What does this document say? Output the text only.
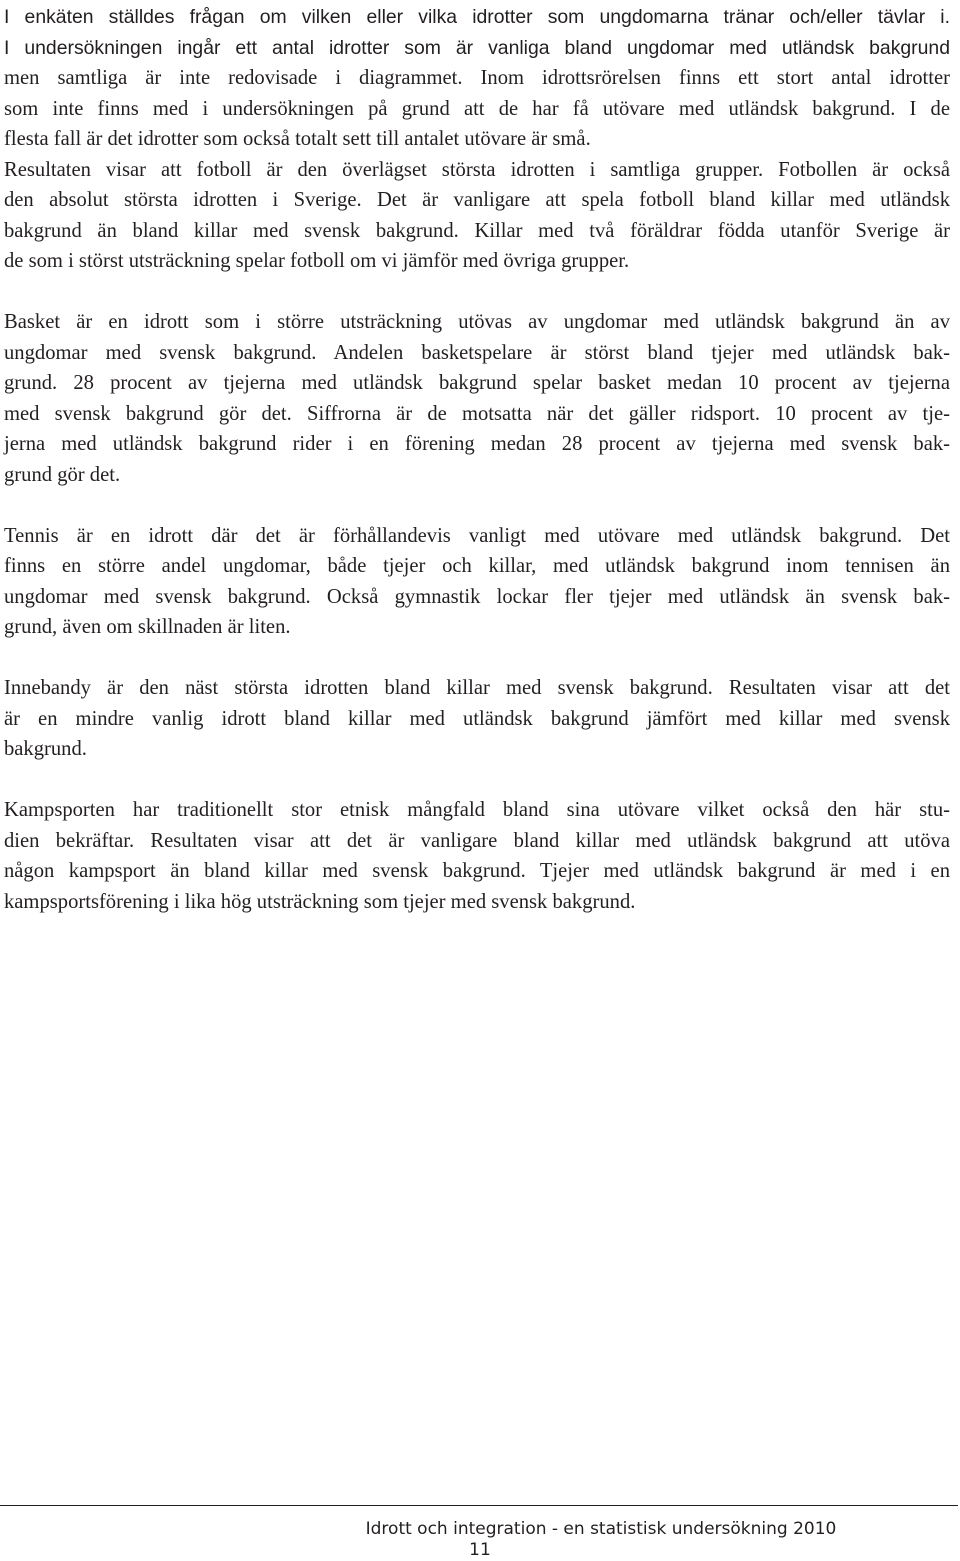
I enkäten ställdes frågan om vilken eller vilka idrotter som ungdomarna tränar och/eller tävlar i.
I undersökningen ingår ett antal idrotter som är vanliga bland ungdomar med utländsk bakgrund
men samtliga är inte redovisade i diagrammet. Inom idrottsrörelsen finns ett stort antal idrotter
som inte finns med i undersökningen på grund att de har få utövare med utländsk bakgrund. I de
flesta fall är det idrotter som också totalt sett till antalet utövare är små.
Resultaten visar att fotboll är den överlägset största idrotten i samtliga grupper. Fotbollen är också
den absolut största idrotten i Sverige. Det är vanligare att spela fotboll bland killar med utländsk
bakgrund än bland killar med svensk bakgrund. Killar med två föräldrar födda utanför Sverige är
de som i störst utsträckning spelar fotboll om vi jämför med övriga grupper.
Basket är en idrott som i större utsträckning utövas av ungdomar med utländsk bakgrund än av
ungdomar med svensk bakgrund. Andelen basketspelare är störst bland tjejer med utländsk bak-
grund. 28 procent av tjejerna med utländsk bakgrund spelar basket medan 10 procent av tjejerna
med svensk bakgrund gör det. Siffrorna är de motsatta när det gäller ridsport. 10 procent av tje-
jerna med utländsk bakgrund rider i en förening medan 28 procent av tjejerna med svensk bak-
grund gör det.
Tennis är en idrott där det är förhållandevis vanligt med utövare med utländsk bakgrund. Det
finns en större andel ungdomar, både tjejer och killar, med utländsk bakgrund inom tennisen än
ungdomar med svensk bakgrund. Också gymnastik lockar fler tjejer med utländsk än svensk bak-
grund, även om skillnaden är liten.
Innebandy är den näst största idrotten bland killar med svensk bakgrund. Resultaten visar att det
är en mindre vanlig idrott bland killar med utländsk bakgrund jämfört med killar med svensk
bakgrund.
Kampsporten har traditionellt stor etnisk mångfald bland sina utövare vilket också den här stu-
dien bekräftar. Resultaten visar att det är vanligare bland killar med utländsk bakgrund att utöva
någon kampsport än bland killar med svensk bakgrund. Tjejer med utländsk bakgrund är med i en
kampsportsförening i lika hög utsträckning som tjejer med svensk bakgrund.
Idrott och integration - en statistisk undersökning 2010
11
